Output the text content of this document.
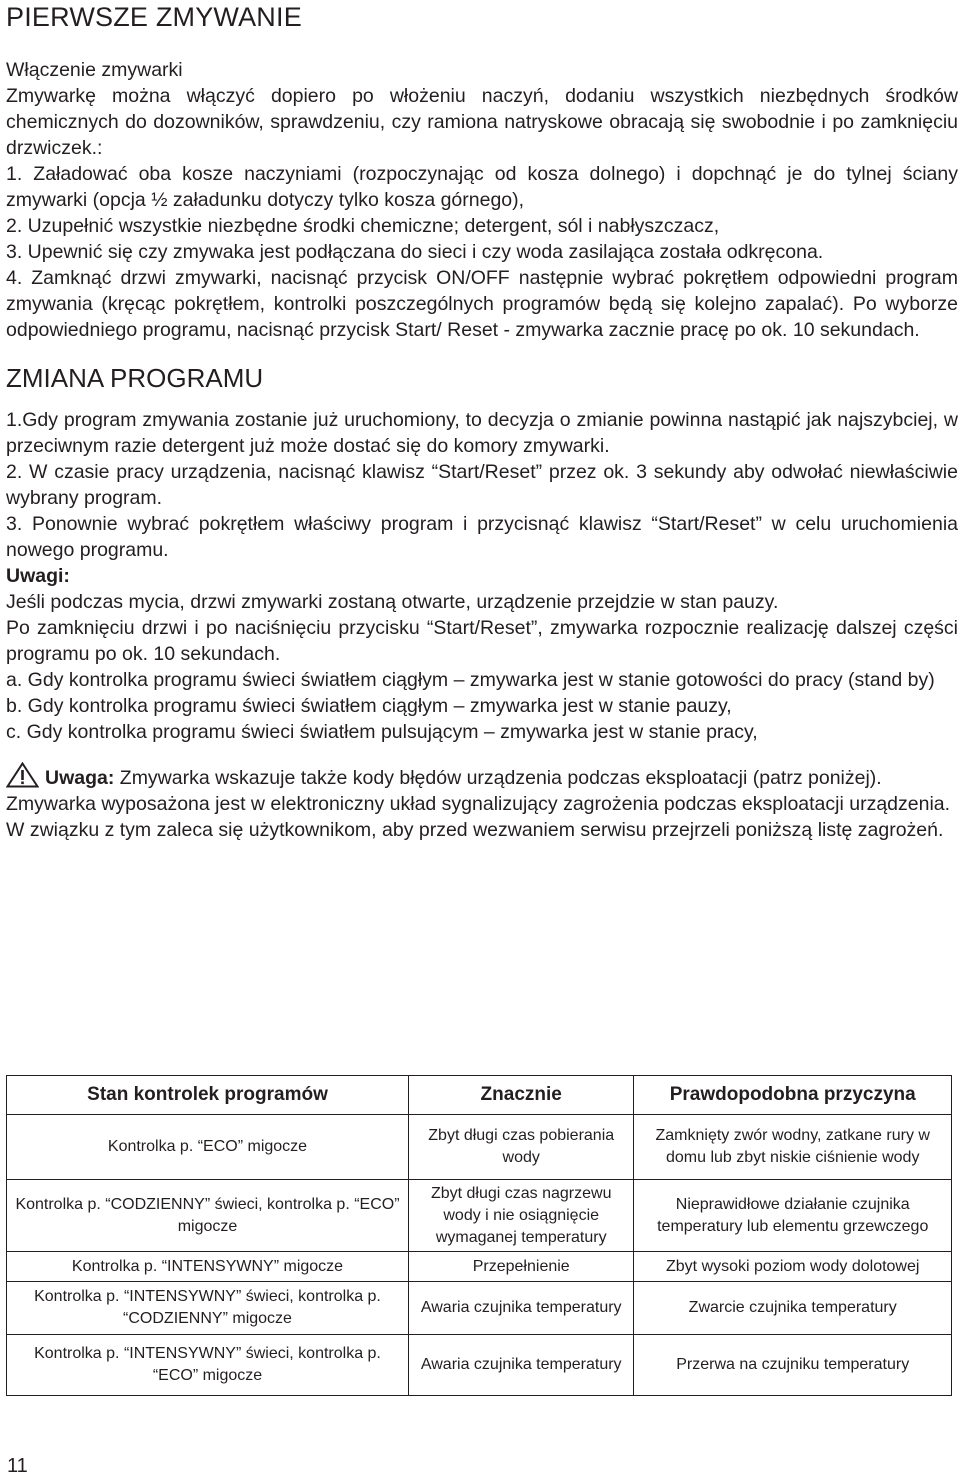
PIERWSZE ZMYWANIE

Włączenie zmywarki

Zmywarkę można włączyć dopiero po włożeniu naczyń, dodaniu wszystkich niezbędnych środków chemicznych do dozowników, sprawdzeniu, czy ramiona natryskowe obracają się swobodnie i po zamknięciu drzwiczek.:

1. Załadować oba kosze naczyniami (rozpoczynając od kosza dolnego) i dopchnąć je do tylnej ściany zmywarki (opcja ½ załadunku dotyczy tylko kosza górnego),

2. Uzupełnić wszystkie niezbędne środki chemiczne; detergent, sól i nabłyszczacz,

3. Upewnić się czy zmywaka jest podłączana do sieci i czy woda zasilająca została odkręcona.

4. Zamknąć drzwi zmywarki, nacisnąć przycisk ON/OFF następnie wybrać pokrętłem odpowiedni program zmywania (kręcąc pokrętłem, kontrolki poszczególnych programów będą się kolejno zapalać). Po wyborze odpowiedniego programu, nacisnąć przycisk Start/ Reset - zmywarka zacznie pracę po ok. 10 sekundach.

ZMIANA PROGRAMU

1.Gdy program zmywania zostanie już uruchomiony, to decyzja o zmianie powinna nastąpić jak najszybciej, w przeciwnym razie detergent już może dostać się do komory zmywarki.

2. W czasie pracy urządzenia, nacisnąć klawisz “Start/Reset” przez ok. 3 sekundy aby odwołać niewłaściwie wybrany program.

3. Ponownie wybrać pokrętłem właściwy program i przycisnąć klawisz “Start/Reset” w celu uruchomienia nowego programu.

Uwagi:

Jeśli podczas mycia, drzwi zmywarki zostaną otwarte, urządzenie przejdzie w stan pauzy.

Po zamknięciu drzwi i po naciśnięciu przycisku “Start/Reset”, zmywarka rozpocznie realizację dalszej części programu po ok. 10 sekundach.

a. Gdy kontrolka programu świeci światłem ciągłym – zmywarka jest w stanie gotowości do pracy (stand by)

b. Gdy kontrolka programu świeci światłem ciągłym – zmywarka jest w stanie pauzy,

c. Gdy kontrolka programu świeci światłem pulsującym – zmywarka jest w stanie pracy,

Uwaga: Zmywarka wskazuje także kody błędów urządzenia podczas eksploatacji (patrz poniżej).

Zmywarka wyposażona jest w elektroniczny układ sygnalizujący zagrożenia podczas eksploatacji urządzenia.

W związku z tym zaleca się użytkownikom, aby przed wezwaniem serwisu przejrzeli poniższą listę zagrożeń.

Stan kontrolek programów	Znacznie	Prawdopodobna przyczyna
Kontrolka p. “ECO” migocze	Zbyt długi czas pobierania wody	Zamknięty zwór wodny, zatkane rury w domu lub zbyt niskie ciśnienie wody
Kontrolka p. “CODZIENNY” świeci, kontrolka p. “ECO” migocze	Zbyt długi czas nagrzewu wody i nie osiągnięcie wymaganej temperatury	Nieprawidłowe działanie czujnika temperatury lub elementu grzewczego
Kontrolka p. “INTENSYWNY” migocze	Przepełnienie	Zbyt wysoki poziom wody dolotowej
Kontrolka p. “INTENSYWNY” świeci, kontrolka p. “CODZIENNY” migocze	Awaria czujnika temperatury	Zwarcie czujnika temperatury
Kontrolka p. “INTENSYWNY” świeci, kontrolka p. “ECO” migocze	Awaria czujnika temperatury	Przerwa na czujniku temperatury
11
